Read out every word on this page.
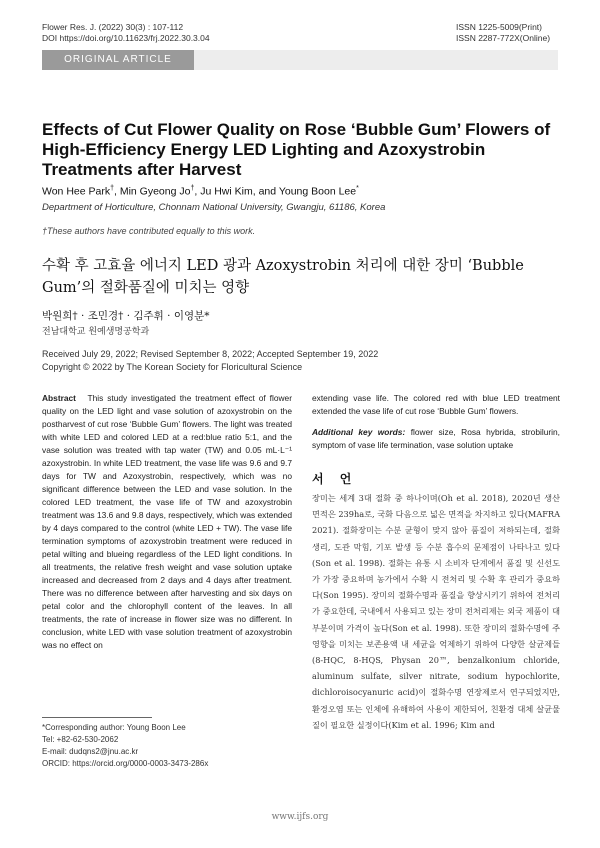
Flower Res. J. (2022) 30(3) : 107-112
DOI https://doi.org/10.11623/frj.2022.30.3.04
ISSN 1225-5009(Print)
ISSN 2287-772X(Online)
ORIGINAL ARTICLE
Effects of Cut Flower Quality on Rose ‘Bubble Gum’ Flowers of High-Efficiency Energy LED Lighting and Azoxystrobin Treatments after Harvest
Won Hee Park†, Min Gyeong Jo†, Ju Hwi Kim, and Young Boon Lee*
Department of Horticulture, Chonnam National University, Gwangju, 61186, Korea
†These authors have contributed equally to this work.
수확 후 고효율 에너지 LED 광과 Azoxystrobin 처리에 대한 장미 ‘Bubble Gum’의 절화품질에 미치는 영향
박원희† · 조민경† · 김주휘 · 이영분*
전남대학교 원예생명공학과
Received July 29, 2022; Revised September 8, 2022; Accepted September 19, 2022
Copyright © 2022 by The Korean Society for Floricultural Science
Abstract This study investigated the treatment effect of flower quality on the LED light and vase solution of azoxystrobin on the postharvest of cut rose ‘Bubble Gum’ flowers. The light was treated with white LED and colored LED at a red:blue ratio 5:1, and the vase solution was treated with tap water (TW) and 0.05 mL·L⁻¹ azoxystrobin. In white LED treatment, the vase life was 9.6 and 9.7 days for TW and Azoxystrobin, respectively, which was no significant difference between the LED and vase solution. In the colored LED treatment, the vase life of TW and azoxystrobin treatment was 13.6 and 9.8 days, respectively, which was extended by 4 days compared to the control (white LED + TW). The vase life termination symptoms of azoxystrobin treatment were reduced in petal wilting and blueing regardless of the LED light conditions. In all treatments, the relative fresh weight and vase solution uptake increased and decreased from 2 days and 4 days after treatment. There was no difference between after harvesting and six days on petal color and the chlorophyll content of the leaves. In all treatments, the rate of increase in flower size was no different. In conclusion, white LED with vase solution treatment of azoxystrobin was no effect on
extending vase life. The colored red with blue LED treatment extended the vase life of cut rose ‘Bubble Gum’ flowers.
Additional key words: flower size, Rosa hybrida, strobilurin, symptom of vase life termination, vase solution uptake
서 언
장미는 세계 3대 절화 중 하나이며(Oh et al. 2018), 2020년 생산 면적은 239ha로, 국화 다음으로 넓은 면적을 차지하고 있다(MAFRA 2021). 절화장미는 수분 균형이 맞지 않아 품질이 저하되는데, 절화 생리, 도관 막힘, 기포 발생 등 수분 흡수의 문제점이 나타나고 있다(Son et al. 1998). 절화는 유통 시 소비자 단계에서 품질 및 신선도가 가장 중요하며 농가에서 수확 시 전처리 및 수확 후 관리가 중요하다(Son 1995). 장미의 절화수명과 품질을 향상시키기 위하여 전처리가 중요한데, 국내에서 사용되고 있는 장미 전처리제는 외국 제품이 대부분이며 가격이 높다(Son et al. 1998). 또한 장미의 절화수명에 주 영향을 미치는 보존용액 내 세균을 억제하기 위하여 다양한 살균제들(8-HQC, 8-HQS, Physan 20™, benzalkonium chloride, aluminum sulfate, silver nitrate, sodium hypochlorite, dichloroisocyanuric acid)이 절화수명 연장제로서 연구되었지만, 환경오염 또는 인체에 유해하여 사용이 제한되어, 친환경 대체 살균물질이 필요한 실정이다(Kim et al. 1996; Kim and
*Corresponding author: Young Boon Lee
Tel: +82-62-530-2062
E-mail: dudqns2@jnu.ac.kr
ORCID: https://orcid.org/0000-0003-3473-286x
www.ijfs.org
